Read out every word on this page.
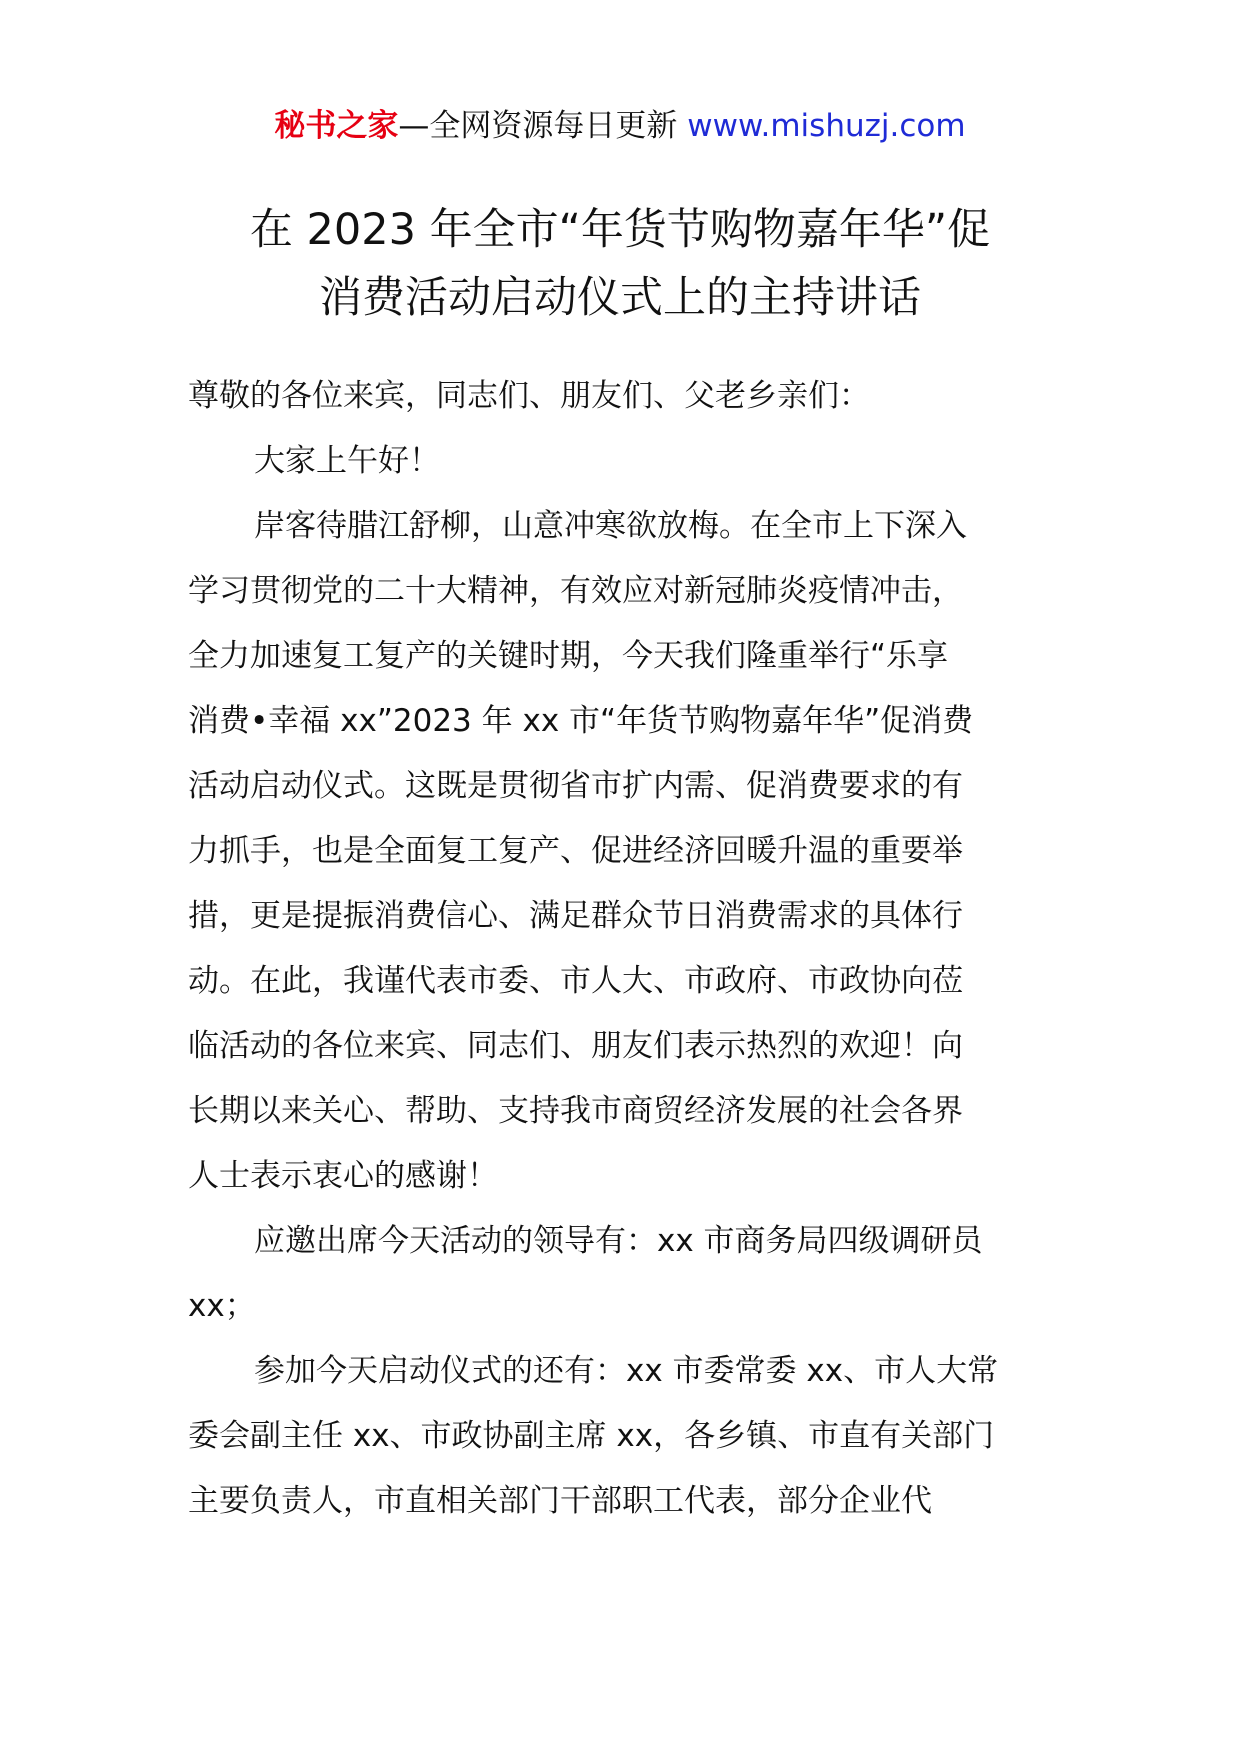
秘书之家—全网资源每日更新 www.mishuzj.com
在 2023 年全市“年货节购物嘉年华”促
消费活动启动仪式上的主持讲话
尊敬的各位来宾，同志们、朋友们、父老乡亲们：
大家上午好！
岸客待腊江舒柳，山意冲寒欲放梅。在全市上下深入
学习贯彻党的二十大精神，有效应对新冠肺炎疫情冲击，
全力加速复工复产的关键时期，今天我们隆重举行“乐享
消费•幸福 xx”2023 年 xx 市“年货节购物嘉年华”促消费
活动启动仪式。这既是贯彻省市扩内需、促消费要求的有
力抓手，也是全面复工复产、促进经济回暖升温的重要举
措，更是提振消费信心、满足群众节日消费需求的具体行
动。在此，我谨代表市委、市人大、市政府、市政协向莅
临活动的各位来宾、同志们、朋友们表示热烈的欢迎！向
长期以来关心、帮助、支持我市商贸经济发展的社会各界
人士表示衷心的感谢！
应邀出席今天活动的领导有：xx 市商务局四级调研员
xx；
参加今天启动仪式的还有：xx 市委常委 xx、市人大常
委会副主任 xx、市政协副主席 xx，各乡镇、市直有关部门
主要负责人，市直相关部门干部职工代表，部分企业代
